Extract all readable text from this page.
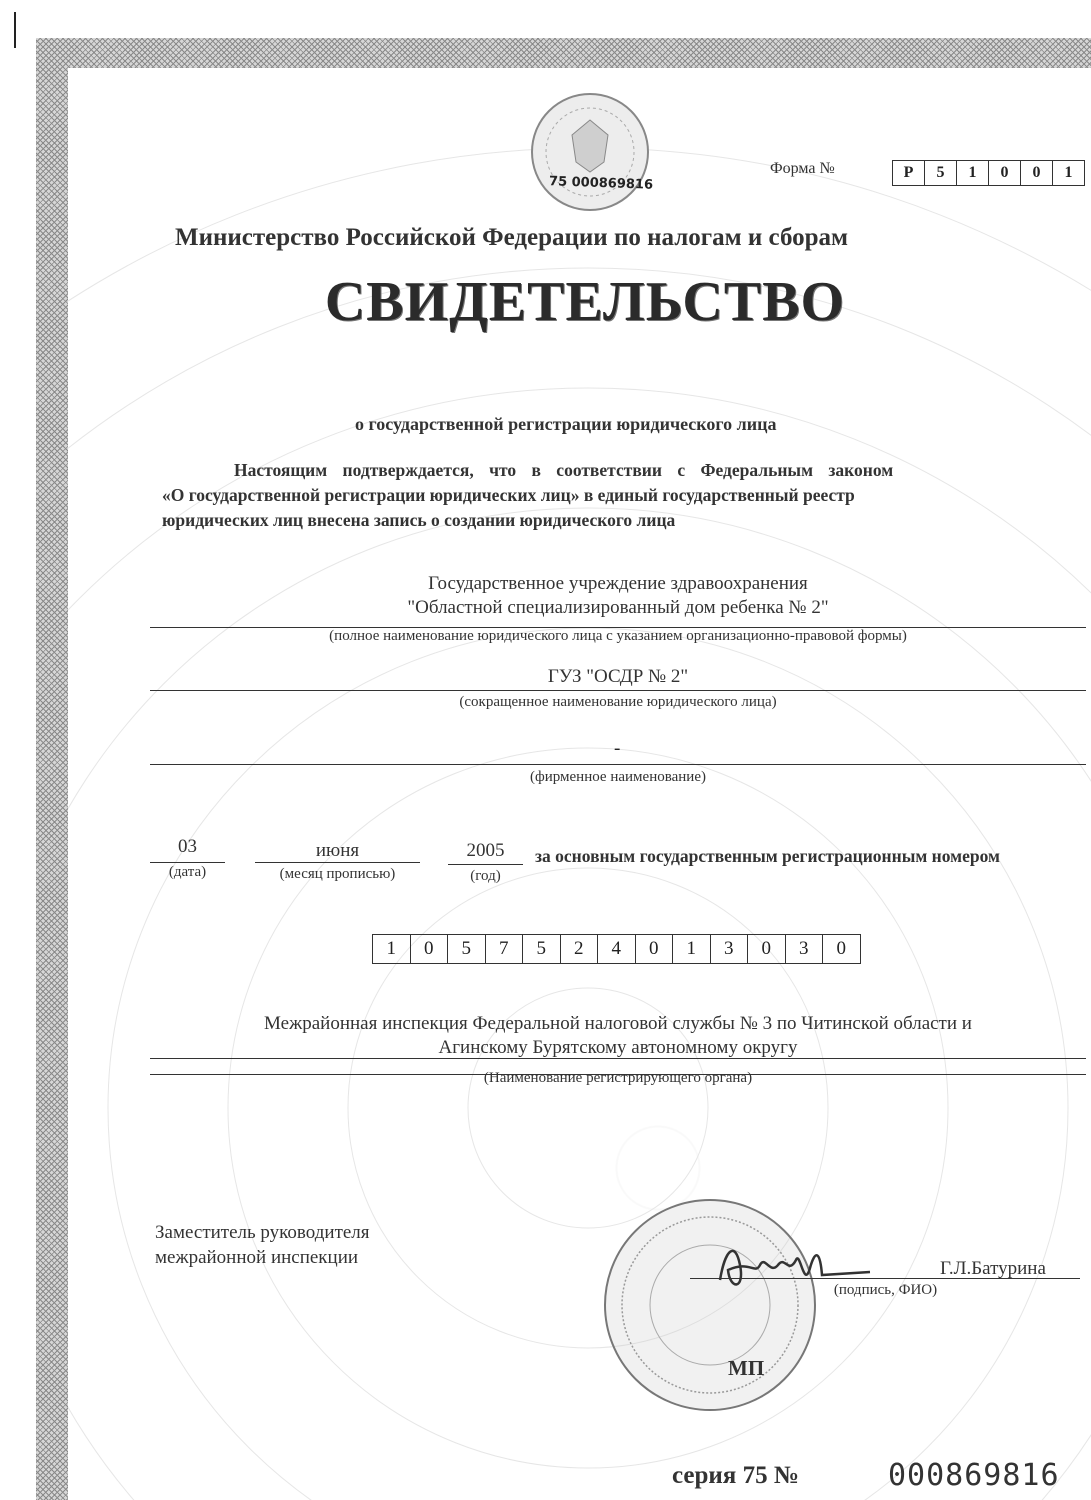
75 000869816
Форма №	Р	5	1	0	0	1
Министерство Российской Федерации по налогам и сборам
СВИДЕТЕЛЬСТВО
о государственной регистрации юридического лица
Настоящим подтверждается, что в соответствии с Федеральным законом
«О государственной регистрации юридических лиц» в единый государственный реестр
юридических лиц внесена запись о создании юридического лица
Государственное учреждение здравоохранения
"Областной специализированный дом ребенка № 2"
(полное наименование юридического лица с указанием организационно-правовой формы)
ГУЗ "ОСДР № 2"
(сокращенное наименование юридического лица)
-
(фирменное наименование)
03
(дата)
июня
(месяц прописью)
2005
(год)
за основным государственным регистрационным номером
1	0	5	7	5	2	4	0	1	3	0	3	0
Межрайонная инспекция Федеральной налоговой службы № 3 по Читинской области и
Агинскому Бурятскому автономному округу
(Наименование регистрирующего органа)
Заместитель руководителя
межрайонной инспекции
Г.Л.Батурина
(подпись, ФИО)
МП
серия 75 №	000869816
